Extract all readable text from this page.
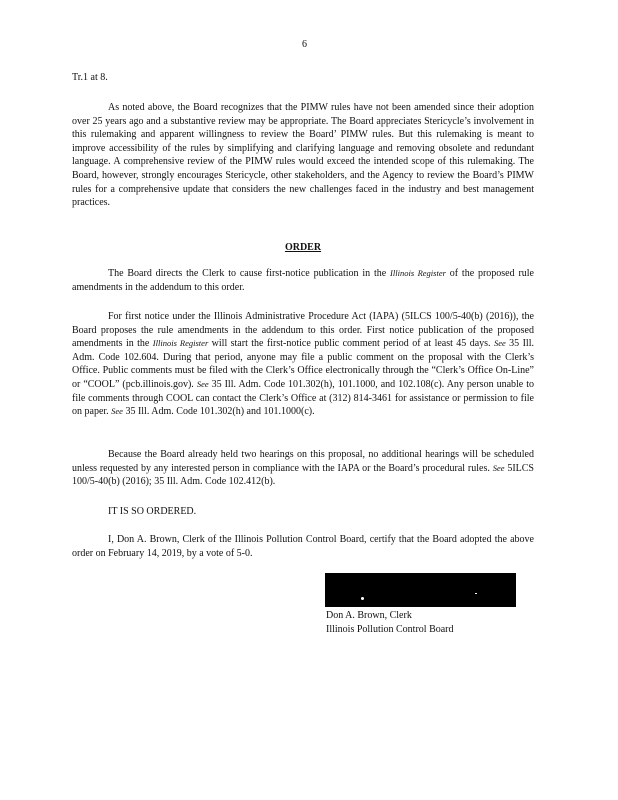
6
Tr.1 at 8.

As noted above, the Board recognizes that the PIMW rules have not been amended since their adoption over 25 years ago and a substantive review may be appropriate. The Board appreciates Stericycle’s involvement in this rulemaking and apparent willingness to review the Board’ PIMW rules. But this rulemaking is meant to improve accessibility of the rules by simplifying and clarifying language and removing obsolete and redundant language. A comprehensive review of the PIMW rules would exceed the intended scope of this rulemaking. The Board, however, strongly encourages Stericycle, other stakeholders, and the Agency to review the Board’s PIMW rules for a comprehensive update that considers the new challenges faced in the industry and best management practices.

ORDER

The Board directs the Clerk to cause first-notice publication in the Illinois Register of the proposed rule amendments in the addendum to this order.

For first notice under the Illinois Administrative Procedure Act (IAPA) (5ILCS 100/5-40(b) (2016)), the Board proposes the rule amendments in the addendum to this order. First notice publication of the proposed amendments in the Illinois Register will start the first-notice public comment period of at least 45 days. See 35 Ill. Adm. Code 102.604. During that period, anyone may file a public comment on the proposal with the Clerk’s Office. Public comments must be filed with the Clerk’s Office electronically through the “Clerk’s Office On-Line” or “COOL” (pcb.illinois.gov). See 35 Ill. Adm. Code 101.302(h), 101.1000, and 102.108(c). Any person unable to file comments through COOL can contact the Clerk’s Office at (312) 814-3461 for assistance or permission to file on paper. See 35 Ill. Adm. Code 101.302(h) and 101.1000(c).

Because the Board already held two hearings on this proposal, no additional hearings will be scheduled unless requested by any interested person in compliance with the IAPA or the Board’s procedural rules. See 5ILCS 100/5-40(b) (2016); 35 Ill. Adm. Code 102.412(b).

IT IS SO ORDERED.

I, Don A. Brown, Clerk of the Illinois Pollution Control Board, certify that the Board adopted the above order on February 14, 2019, by a vote of 5-0.

Don A. Brown, Clerk
Illinois Pollution Control Board
